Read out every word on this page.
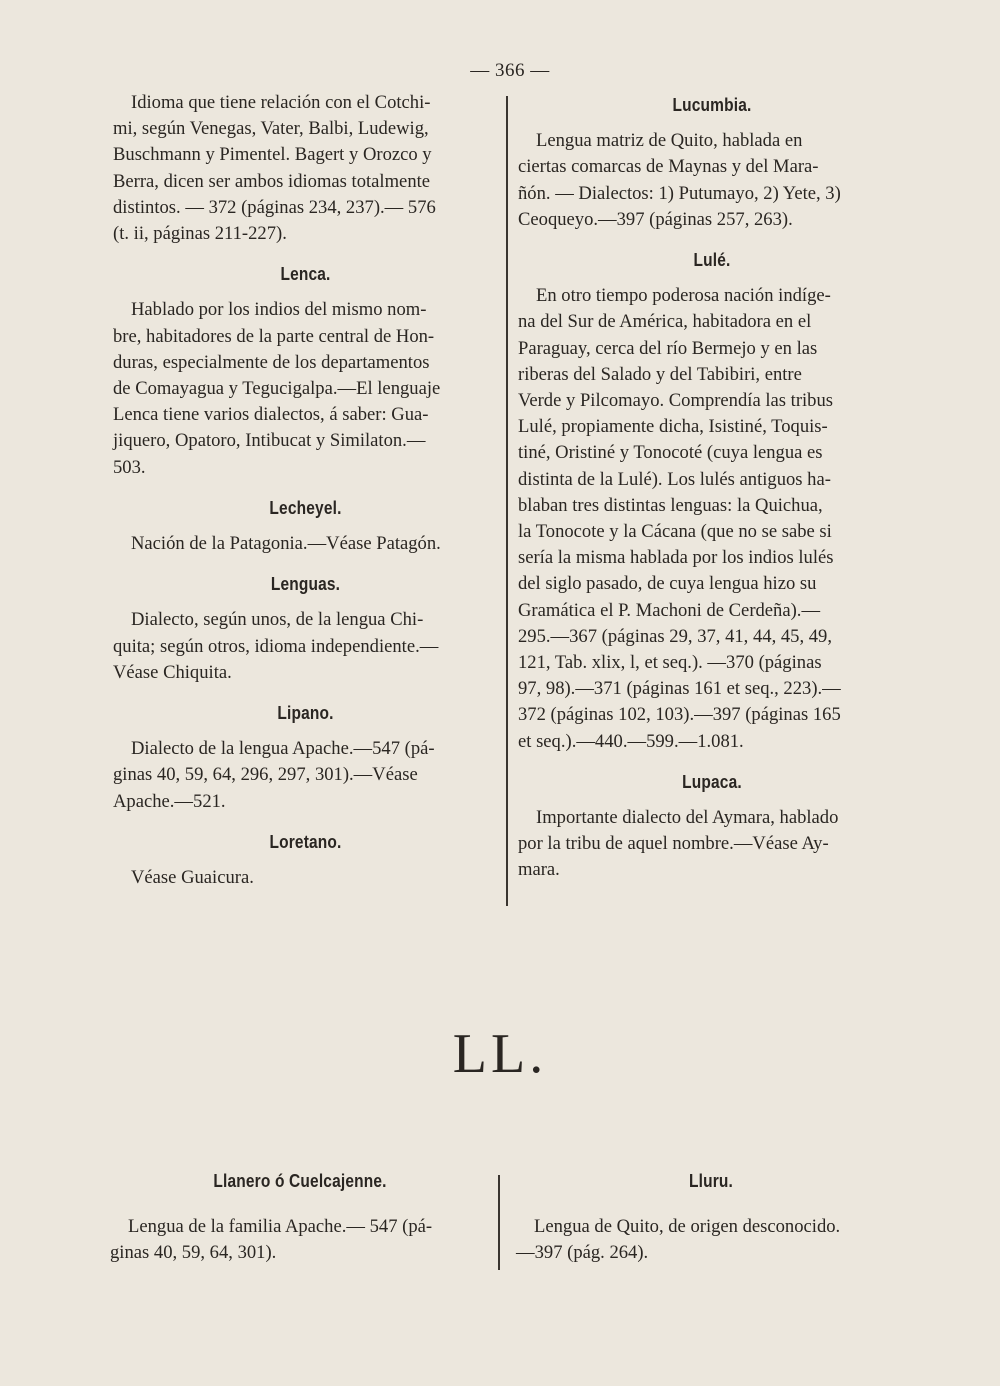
— 366 —

Idioma que tiene relación con el Cotchi-
mi, según Venegas, Vater, Balbi, Ludewig,
Buschmann y Pimentel. Bagert y Orozco y
Berra, dicen ser ambos idiomas totalmente
distintos. — 372 (páginas 234, 237).— 576
(t. ii, páginas 211-227).

Lenca.

Hablado por los indios del mismo nom-
bre, habitadores de la parte central de Hon-
duras, especialmente de los departamentos
de Comayagua y Tegucigalpa.—El lenguaje
Lenca tiene varios dialectos, á saber: Gua-
jiquero, Opatoro, Intibucat y Similaton.—
503.

Lecheyel.

Nación de la Patagonia.—Véase Patagón.

Lenguas.

Dialecto, según unos, de la lengua Chi-
quita; según otros, idioma independiente.—
Véase Chiquita.

Lipano.

Dialecto de la lengua Apache.—547 (pá-
ginas 40, 59, 64, 296, 297, 301).—Véase
Apache.—521.

Loretano.

Véase Guaicura.

Lucumbia.

Lengua matriz de Quito, hablada en
ciertas comarcas de Maynas y del Mara-
ñón. — Dialectos: 1) Putumayo, 2) Yete, 3)
Ceoqueyo.—397 (páginas 257, 263).

Lulé.

En otro tiempo poderosa nación indíge-
na del Sur de América, habitadora en el
Paraguay, cerca del río Bermejo y en las
riberas del Salado y del Tabibiri, entre
Verde y Pilcomayo. Comprendía las tribus
Lulé, propiamente dicha, Isistiné, Toquis-
tiné, Oristiné y Tonocoté (cuya lengua es
distinta de la Lulé). Los lulés antiguos ha-
blaban tres distintas lenguas: la Quichua,
la Tonocote y la Cácana (que no se sabe si
sería la misma hablada por los indios lulés
del siglo pasado, de cuya lengua hizo su
Gramática el P. Machoni de Cerdeña).—
295.—367 (páginas 29, 37, 41, 44, 45, 49,
121, Tab. xlix, l, et seq.). —370 (páginas
97, 98).—371 (páginas 161 et seq., 223).—
372 (páginas 102, 103).—397 (páginas 165
et seq.).—440.—599.—1.081.

Lupaca.

Importante dialecto del Aymara, hablado
por la tribu de aquel nombre.—Véase Ay-
mara.

LL.
Llanero ó Cuelcajenne.

Lengua de la familia Apache.— 547 (pá-
ginas 40, 59, 64, 301).

Lluru.

Lengua de Quito, de origen desconocido.
—397 (pág. 264).
